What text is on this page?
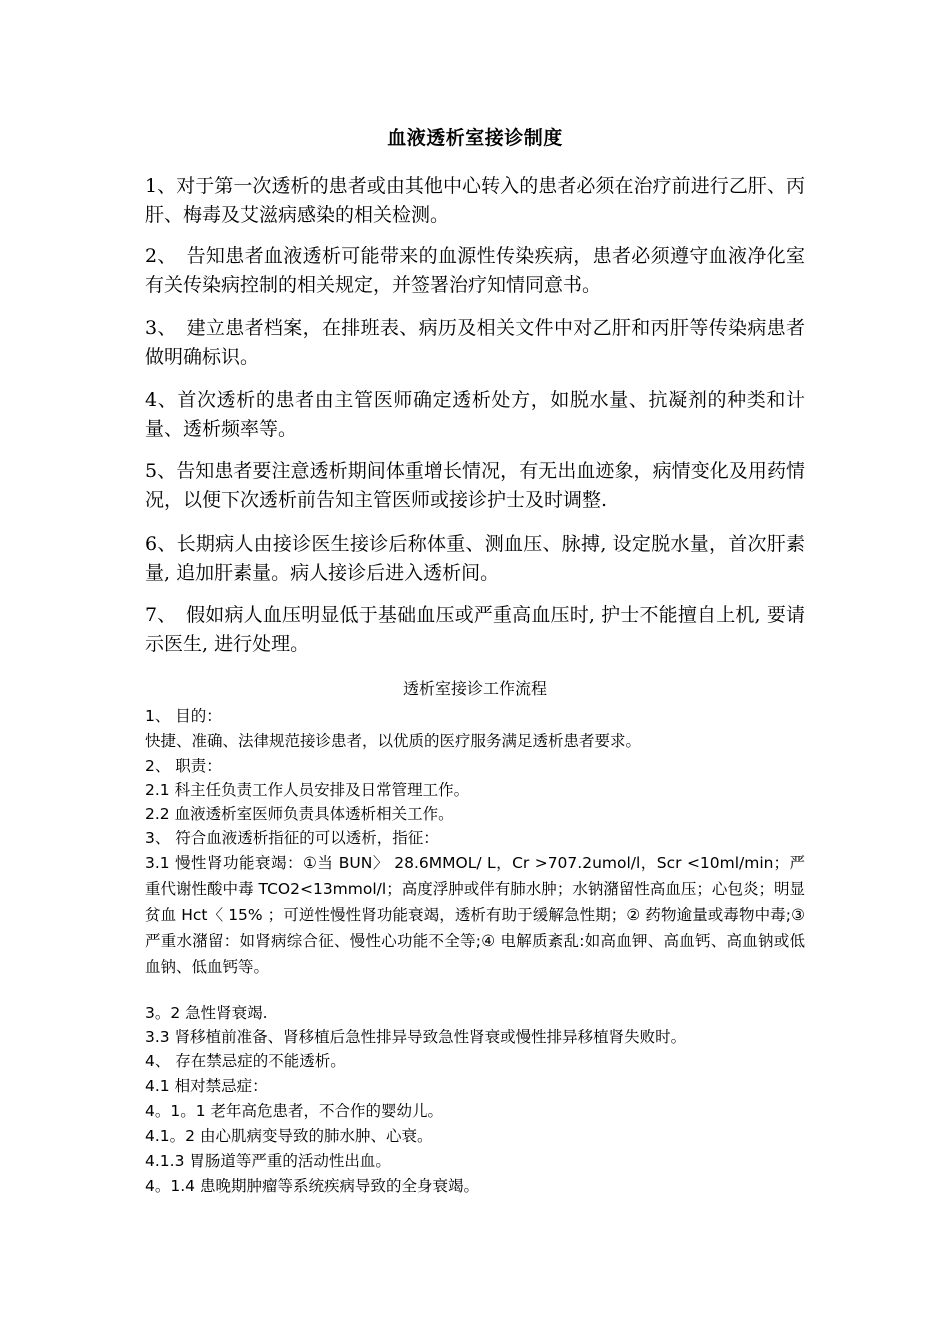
血液透析室接诊制度
1、对于第一次透析的患者或由其他中心转入的患者必须在治疗前进行乙肝、丙肝、梅毒及艾滋病感染的相关检测。
2、　告知患者血液透析可能带来的血源性传染疾病，患者必须遵守血液净化室有关传染病控制的相关规定，并签署治疗知情同意书。
3、　建立患者档案，在排班表、病历及相关文件中对乙肝和丙肝等传染病患者做明确标识。
4、首次透析的患者由主管医师确定透析处方，如脱水量、抗凝剂的种类和计量、透析频率等。
5、告知患者要注意透析期间体重增长情况，有无出血迹象，病情变化及用药情况，以便下次透析前告知主管医师或接诊护士及时调整.
6、长期病人由接诊医生接诊后称体重、测血压、脉搏, 设定脱水量，首次肝素量, 追加肝素量。病人接诊后进入透析间。
7、　假如病人血压明显低于基础血压或严重高血压时, 护士不能擅自上机, 要请示医生, 进行处理。
透析室接诊工作流程
1、 目的：
快捷、准确、法律规范接诊患者，以优质的医疗服务满足透析患者要求。
2、 职责：
2.1 科主任负责工作人员安排及日常管理工作。
2.2 血液透析室医师负责具体透析相关工作。
3、 符合血液透析指征的可以透析，指征：
3.1 慢性肾功能衰竭：①当 BUN〉 28.6MMOL/ L，Cr >707.2umol/l，Scr <10ml/min；严重代谢性酸中毒 TCO2<13mmol/l；高度浮肿或伴有肺水肿；水钠潴留性高血压；心包炎；明显贫血 Hct〈 15% ；可逆性慢性肾功能衰竭，透析有助于缓解急性期；② 药物逾量或毒物中毒;③ 严重水潴留：如肾病综合征、慢性心功能不全等;④ 电解质紊乱:如高血钾、高血钙、高血钠或低血钠、低血钙等。
3。2 急性肾衰竭.
3.3 肾移植前准备、肾移植后急性排异导致急性肾衰或慢性排异移植肾失败时。
4、 存在禁忌症的不能透析。
4.1 相对禁忌症：
4。1。1 老年高危患者，不合作的婴幼儿。
4.1。2 由心肌病变导致的肺水肿、心衰。
4.1.3 胃肠道等严重的活动性出血。
4。1.4 患晚期肿瘤等系统疾病导致的全身衰竭。
